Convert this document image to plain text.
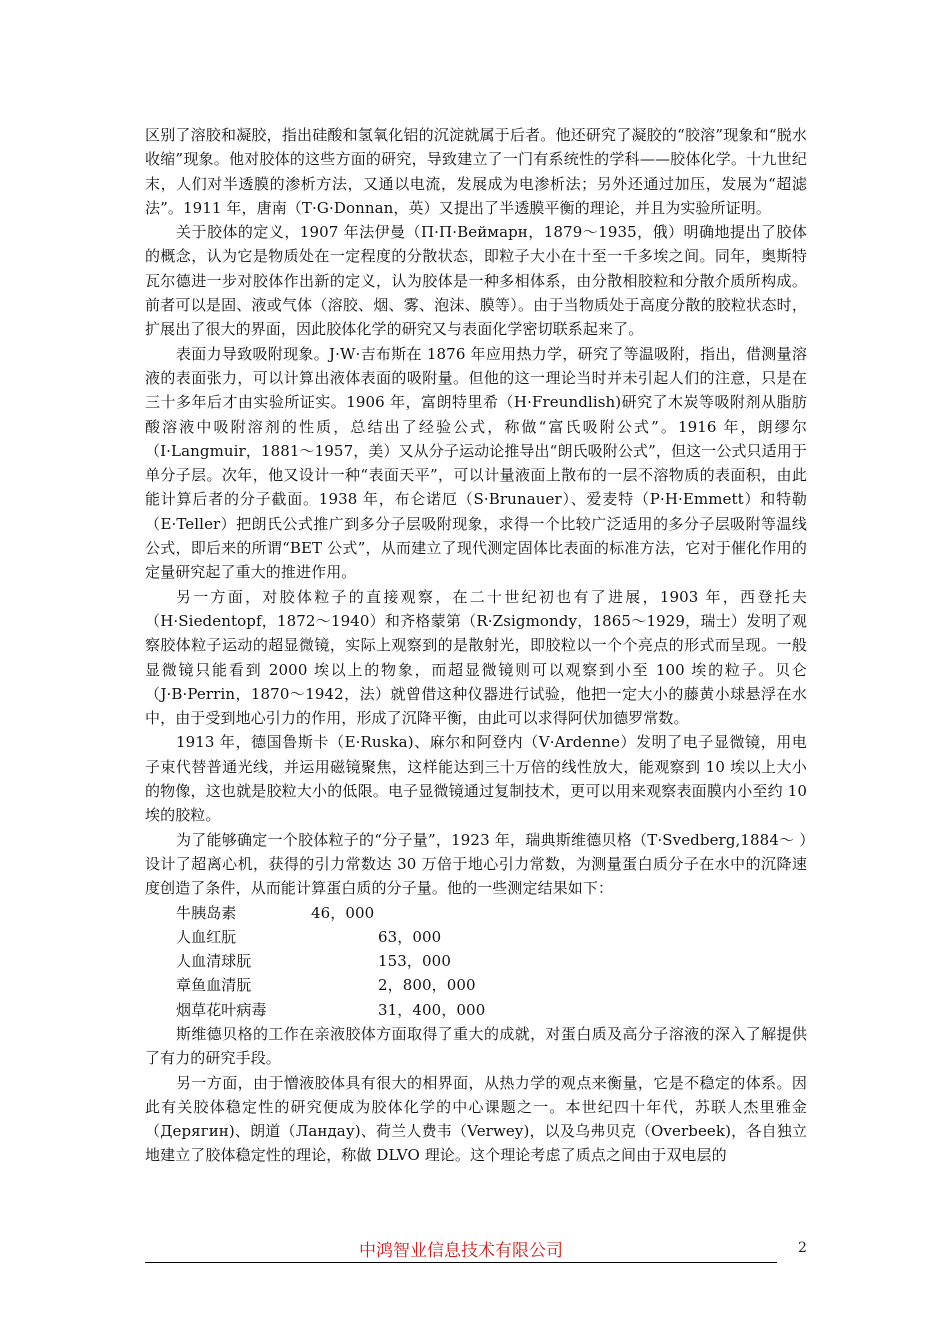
区别了溶胶和凝胶，指出硅酸和氢氧化铝的沉淀就属于后者。他还研究了凝胶的“胶溶”现象和“脱水收缩”现象。他对胶体的这些方面的研究，导致建立了一门有系统性的学科——胶体化学。十九世纪末，人们对半透膜的渗析方法，又通以电流，发展成为电渗析法；另外还通过加压，发展为“超滤法”。1911 年，唐南（T·G·Donnan，英）又提出了半透膜平衡的理论，并且为实验所证明。

关于胶体的定义，1907 年法伊曼（П·П·Веймарн，1879～1935，俄）明确地提出了胶体的概念，认为它是物质处在一定程度的分散状态，即粒子大小在十至一千多埃之间。同年，奥斯特瓦尔德进一步对胶体作出新的定义，认为胶体是一种多相体系，由分散相胶粒和分散介质所构成。前者可以是固、液或气体（溶胶、烟、雾、泡沫、膜等）。由于当物质处于高度分散的胶粒状态时，扩展出了很大的界面，因此胶体化学的研究又与表面化学密切联系起来了。

表面力导致吸附现象。J·W·吉布斯在 1876 年应用热力学，研究了等温吸附，指出，借测量溶液的表面张力，可以计算出液体表面的吸附量。但他的这一理论当时并未引起人们的注意，只是在三十多年后才由实验所证实。1906 年，富朗特里希（H·Freundlish)研究了木炭等吸附剂从脂肪酸溶液中吸附溶剂的性质，总结出了经验公式，称做“富氏吸附公式”。1916 年，朗缪尔（I·Langmuir，1881～1957，美）又从分子运动论推导出“朗氏吸附公式”，但这一公式只适用于单分子层。次年，他又设计一种“表面天平”，可以计量液面上散布的一层不溶物质的表面积，由此能计算后者的分子截面。1938 年，布仑诺厄（S·Brunauer）、爱麦特（P·H·Emmett）和特勒（E·Teller）把朗氏公式推广到多分子层吸附现象，求得一个比较广泛适用的多分子层吸附等温线公式，即后来的所谓“BET 公式”，从而建立了现代测定固体比表面的标准方法，它对于催化作用的定量研究起了重大的推进作用。

另一方面，对胶体粒子的直接观察，在二十世纪初也有了进展，1903 年，西登托夫（H·Siedentopf，1872～1940）和齐格蒙第（R·Zsigmondy，1865～1929，瑞士）发明了观察胶体粒子运动的超显微镜，实际上观察到的是散射光，即胶粒以一个个亮点的形式而呈现。一般显微镜只能看到 2000 埃以上的物象，而超显微镜则可以观察到小至 100 埃的粒子。贝仑（J·B·Perrin，1870～1942，法）就曾借这种仪器进行试验，他把一定大小的藤黄小球悬浮在水中，由于受到地心引力的作用，形成了沉降平衡，由此可以求得阿伏加德罗常数。

1913 年，德国鲁斯卡（E·Ruska)、麻尔和阿登内（V·Ardenne）发明了电子显微镜，用电子束代替普通光线，并运用磁镜聚焦，这样能达到三十万倍的线性放大，能观察到 10 埃以上大小的物像，这也就是胶粒大小的低限。电子显微镜通过复制技术，更可以用来观察表面膜内小至约 10 埃的胶粒。

为了能够确定一个胶体粒子的“分子量”，1923 年，瑞典斯维德贝格（T·Svedberg,1884～ ）设计了超离心机，获得的引力常数达 30 万倍于地心引力常数，为测量蛋白质分子在水中的沉降速度创造了条件，从而能计算蛋白质的分子量。他的一些测定结果如下：

牛胰岛素	46，000
人血红朊	63，000
人血清球朊	153，000
章鱼血清朊	2，800，000
烟草花叶病毒	31，400，000

斯维德贝格的工作在亲液胶体方面取得了重大的成就，对蛋白质及高分子溶液的深入了解提供了有力的研究手段。

另一方面，由于憎液胶体具有很大的相界面，从热力学的观点来衡量，它是不稳定的体系。因此有关胶体稳定性的研究便成为胶体化学的中心课题之一。本世纪四十年代，苏联人杰里雅金（Дерягин)、朗道（Ландау)、荷兰人费韦（Verwey)，以及乌弗贝克（Overbeek)，各自独立地建立了胶体稳定性的理论，称做 DLVO 理论。这个理论考虑了质点之间由于双电层的

中鸿智业信息技术有限公司	2
